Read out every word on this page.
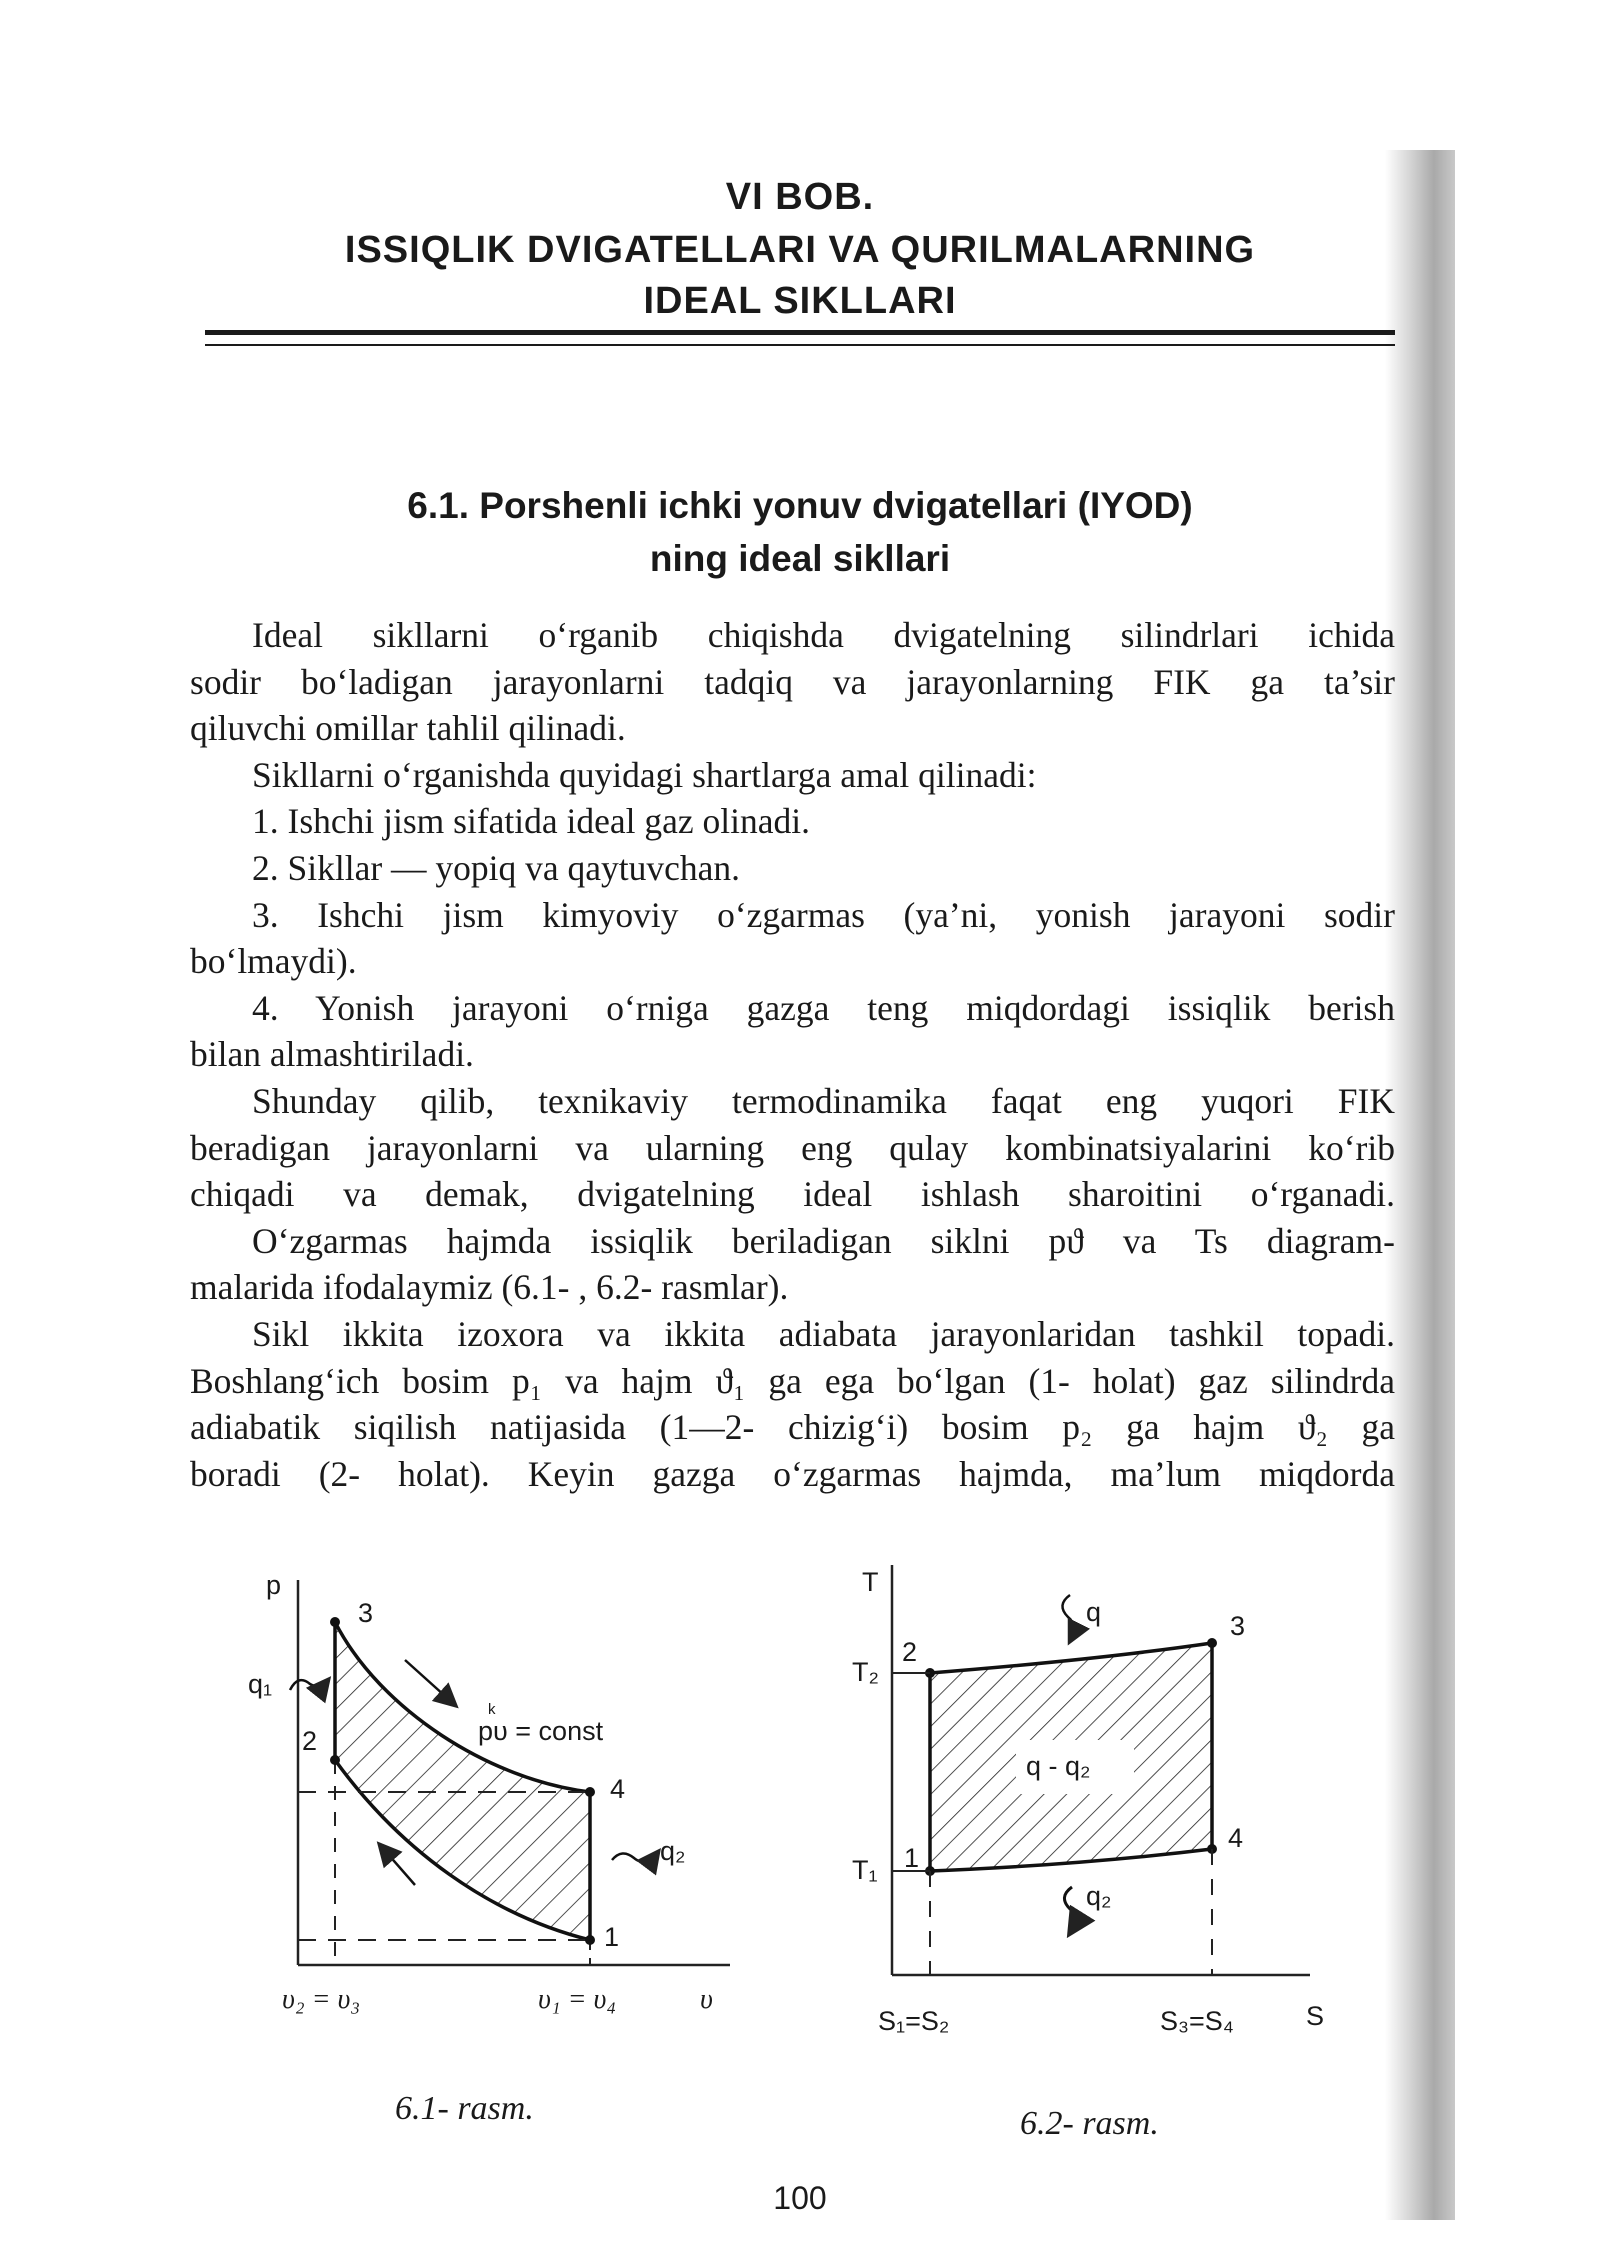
VI BOB.
ISSIQLIK DVIGATELLARI VA QURILMALARNING
IDEAL SIKLLARI
6.1. Porshenli ichki yonuv dvigatellari (IYOD)
ning ideal sikllari
Ideal sikllarni o‘rganib chiqishda dvigatelning silindrlari ichida
sodir bo‘ladigan jarayonlarni tadqiq va jarayonlarning FIK ga ta’sir
qiluvchi omillar tahlil qilinadi.
Sikllarni o‘rganishda quyidagi shartlarga amal qilinadi:
1. Ishchi jism sifatida ideal gaz olinadi.
2. Sikllar — yopiq va qaytuvchan.
3. Ishchi jism kimyoviy o‘zgarmas (ya’ni, yonish jarayoni sodir
bo‘lmaydi).
4. Yonish jarayoni o‘rniga gazga teng miqdordagi issiqlik berish
bilan almashtiriladi.
Shunday qilib, texnikaviy termodinamika faqat eng yuqori FIK
beradigan jarayonlarni va ularning eng qulay kombinatsiyalarini ko‘rib
chiqadi va demak, dvigatelning ideal ishlash sharoitini o‘rganadi.
O‘zgarmas hajmda issiqlik beriladigan siklni pϑ va Ts diagram-
malarida ifodalaymiz (6.1- , 6.2- rasmlar).
Sikl ikkita izoxora va ikkita adiabata jarayonlaridan tashkil topadi.
Boshlang‘ich bosim p₁ va hajm ϑ₁ ga ega bo‘lgan (1- holat) gaz silindrda
adiabatik siqilish natijasida (1—2- chizig‘i) bosim p₂ ga hajm ϑ₂ ga
boradi (2- holat). Keyin gazga o‘zgarmas hajmda, ma’lum miqdorda
p
υ
3
2
4
1
q₁
q₂
k
pυ = const
υ₂ = υ₃	υ₁ = υ₄
T
S
T₂
T₁
2
3
4
1
q
q₂
q - q₂
S₁=S₂	S₃=S₄
6.1- rasm.	6.2- rasm.
100
